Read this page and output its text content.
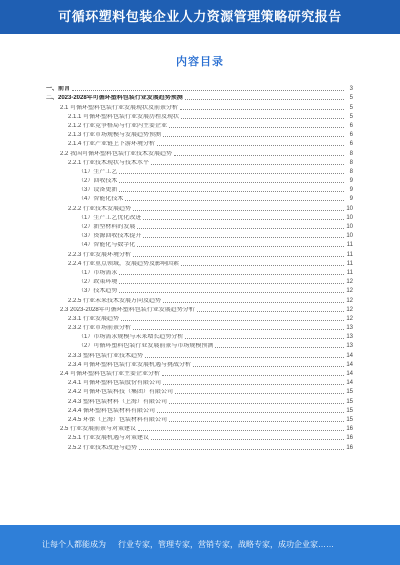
可循环塑料包装企业人力资源管理策略研究报告
内容目录
一、前言	3
二、2023-2028年可循环塑料包装行业发展趋势预测	5
2.1 可循环塑料包装行业发展现状及前景分析	5
2.1.1 可循环塑料包装行业发展历程及现状	5
2.1.2 行业竞争格局与行业内主要企业	6
2.1.3 行业市场规模与发展趋势预测	6
2.1.4 行业产业链上下游环境分析	6
2.2 我国可循环塑料包装行业技术发展趋势	8
2.2.1 行业技术现状与技术水平	8
（1）生产工艺	8
（2）回收技术	9
（3）设备更新	9
（4）智能化技术	9
2.2.2 行业技术发展趋势	10
（1）生产工艺优化改进	10
（2）新型材料的发展	10
（3）资源回收技术提升	10
（4）智能化与数字化	11
2.2.3 行业发展环境分析	11
2.2.4 行业重点领域，发展趋势及影响因素	11
（1）市场需求	11
（2）政策环境	12
（3）技术趋势	12
2.2.5 行业未来技术发展方向及趋势	12
2.3 2023-2028年可循环塑料包装行业发展趋势分析	12
2.3.1 行业发展趋势	12
2.3.2 行业市场前景分析	13
（1）市场需求规模与未来增长趋势分析	13
（2）可循环塑料包装行业发展前景与市场规模预测	13
2.3.3 塑料包装行业技术趋势	14
2.3.4 可循环塑料包装行业发展机遇与挑战分析	14
2.4 可循环塑料包装行业主要企业分析	14
2.4.1 可循环塑料包装股份有限公司	14
2.4.2 可循环包装科技（集团）有限公司	15
2.4.3 塑料包装材料（上海）有限公司	15
2.4.4 循环塑料包装材料有限公司	15
2.4.5 环保（上海）包装材料有限公司	15
2.5 行业发展前景与对策建议	16
2.5.1 行业发展机遇与对策建议	16
2.5.2 行业技术改进与趋势	16
让每个人都能成为 行业专家，管理专家，营销专家，战略专家，成功企业家……
